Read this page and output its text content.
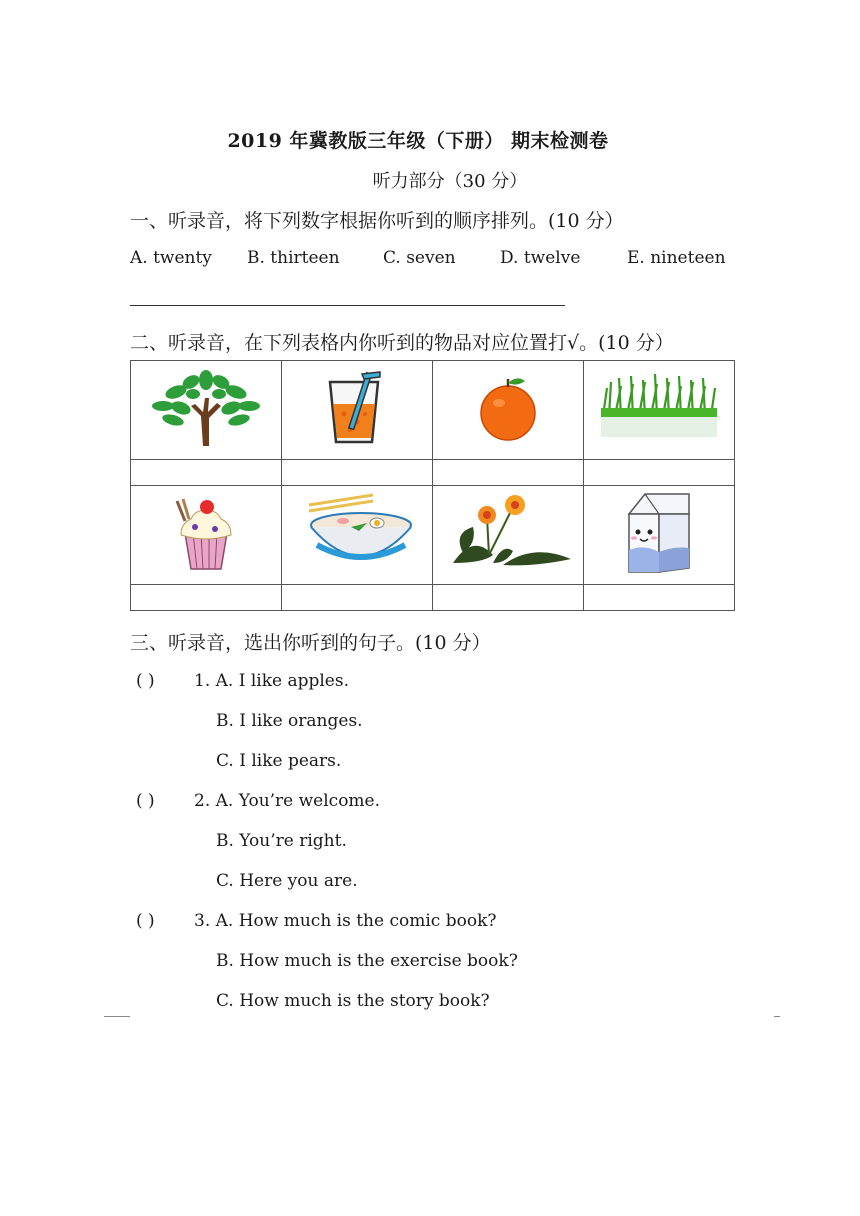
2019 年冀教版三年级（下册） 期末检测卷
听力部分（30 分）
一、听录音，将下列数字根据你听到的顺序排列。(10 分）
A. twenty B. thirteen	C. seven	D. twelve	E. nineteen
二、听录音，在下列表格内你听到的物品对应位置打√。(10 分）

三、听录音，选出你听到的句子。(10 分）
( ) 1. A. I like apples.
B. I like oranges.
C. I like pears.
( ) 2. A. You’re welcome.
B. You’re right.
C. Here you are.
( ) 3. A. How much is the comic book?
B. How much is the exercise book?
C. How much is the story book?
